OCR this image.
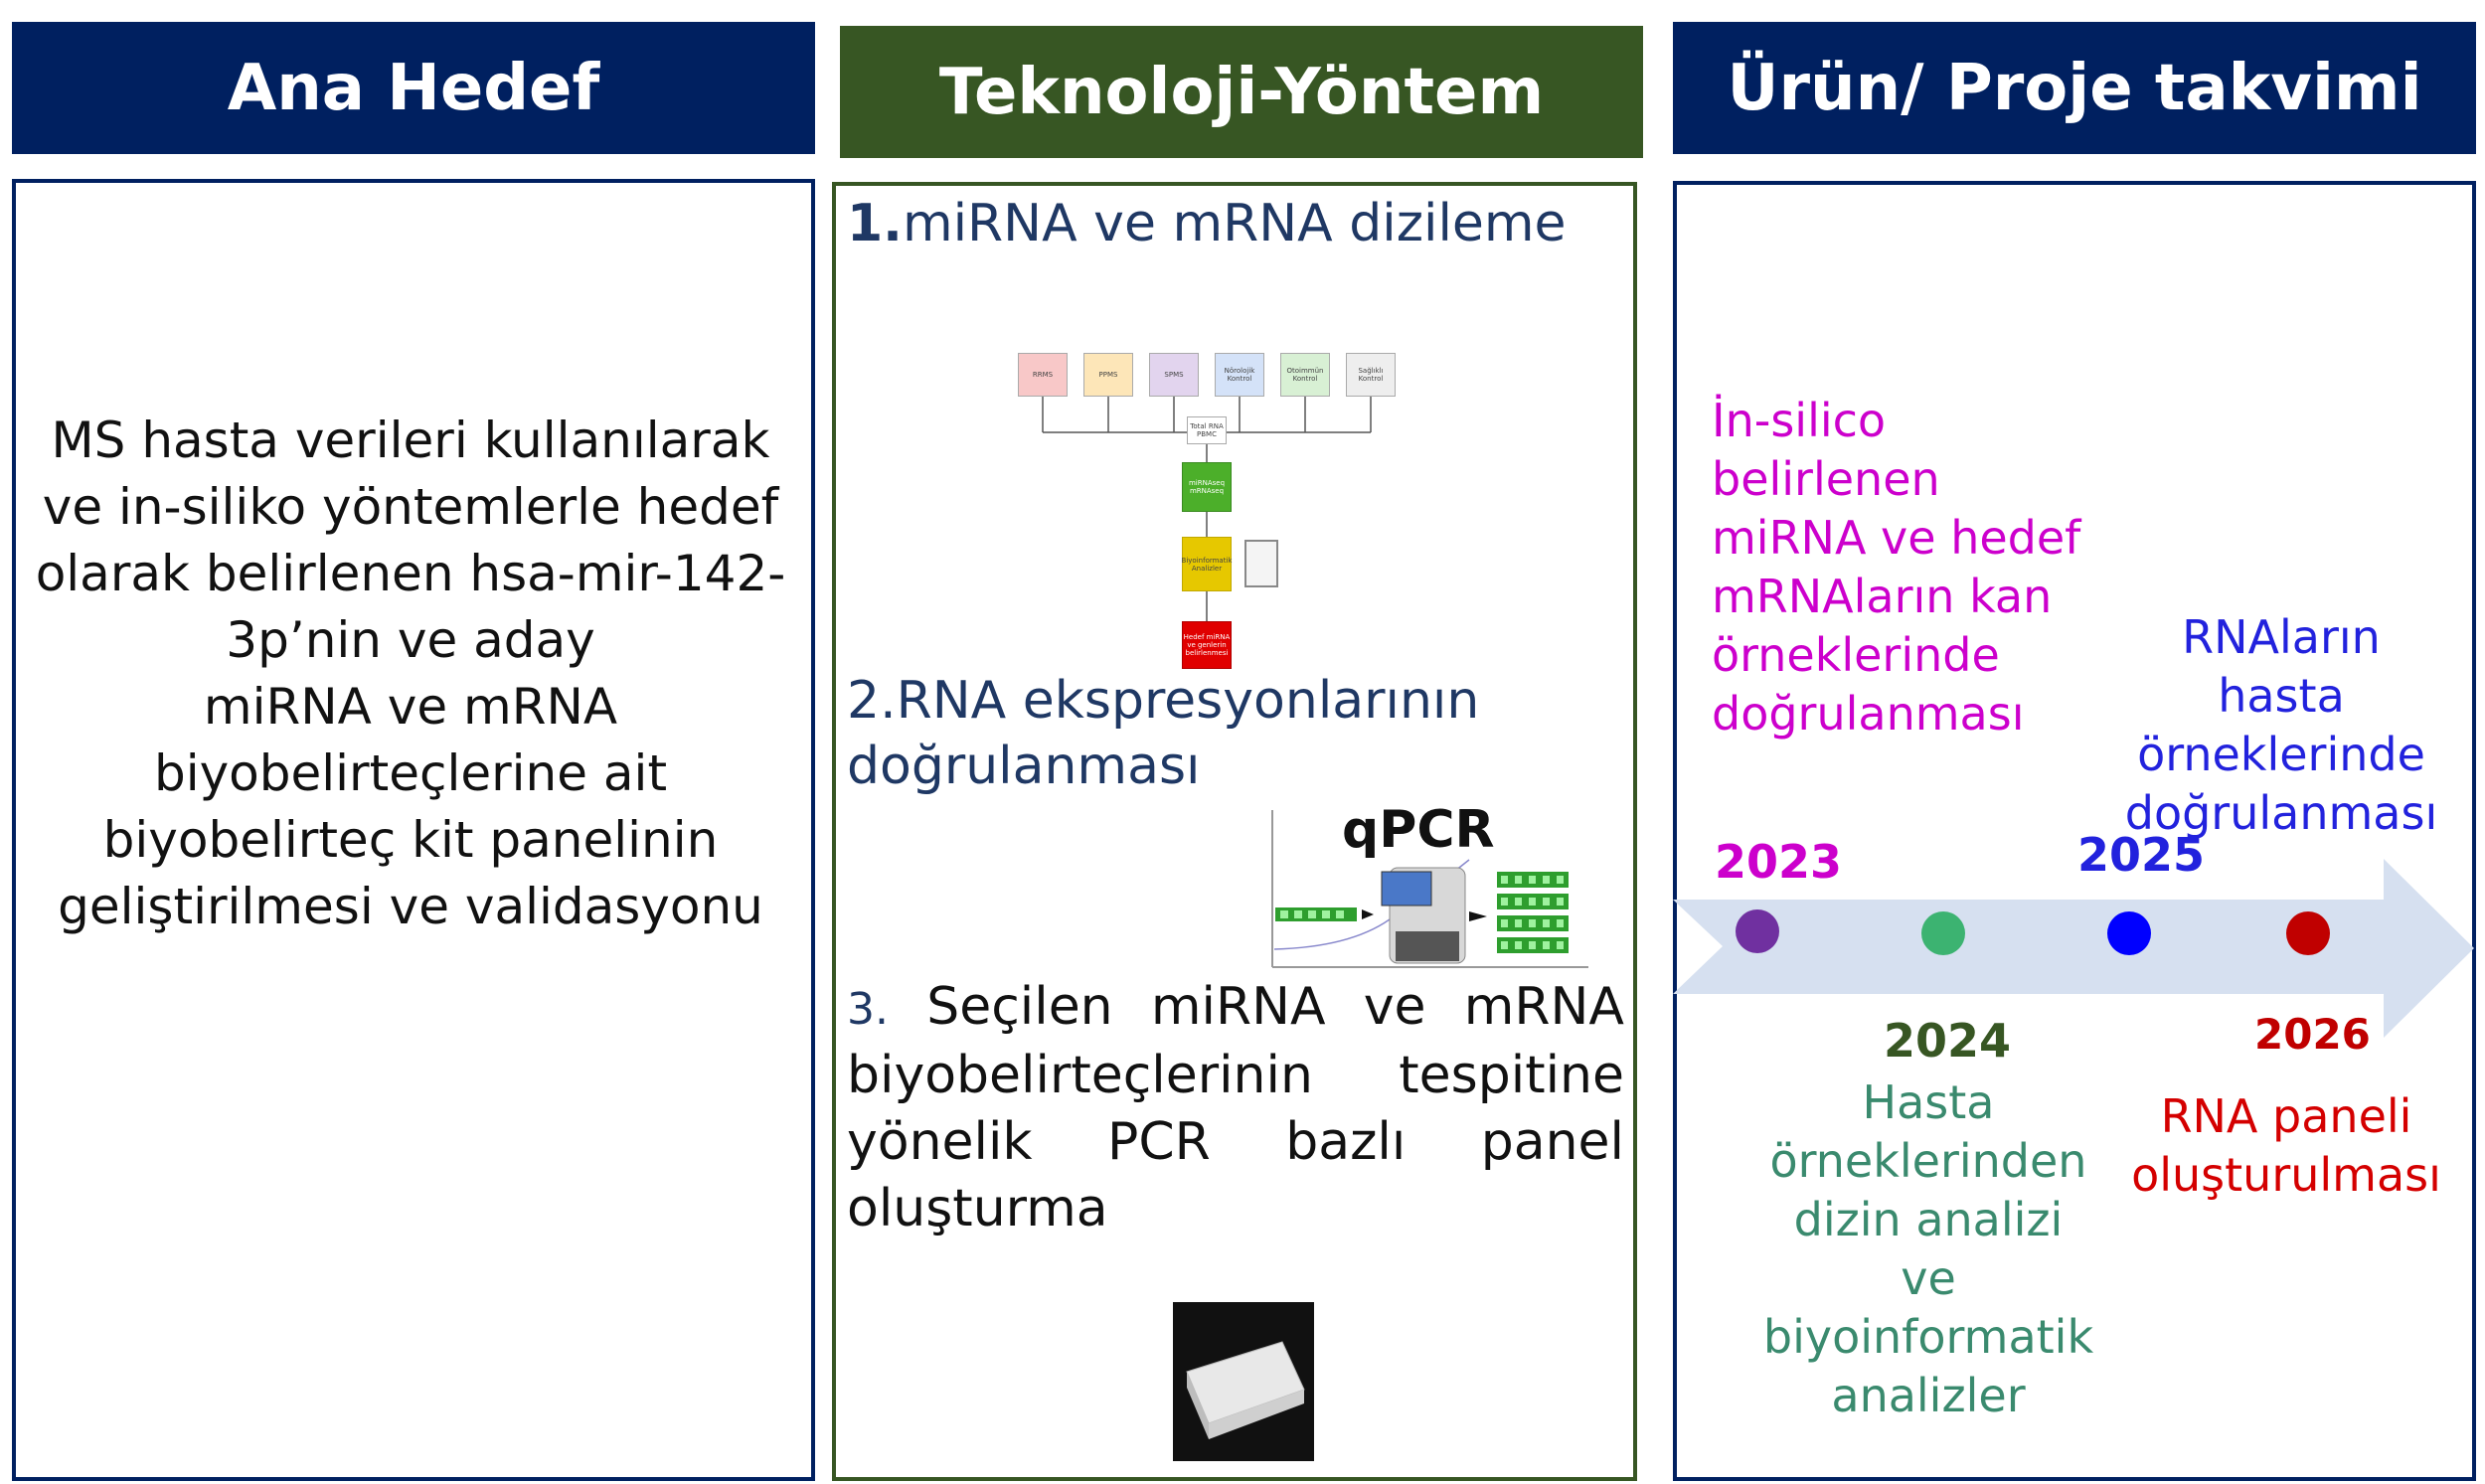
Ana Hedef	Teknoloji-Yöntem	Ürün/ Proje takvimi
MS hasta verileri kullanılarak
ve in-siliko yöntemlerle hedef
olarak belirlenen hsa-mir-142-
3p’nin ve aday
miRNA ve mRNA
biyobelirteçlerine ait
biyobelirteç kit panelinin
geliştirilmesi ve validasyonu
1.miRNA ve mRNA dizileme
RRMS	PPMS	SPMS	Nörolojik Kontrol
Otoimmün Kontrol
Sağlıklı Kontrol
Total RNA PBMC
miRNAseq mRNAseq
Biyoinformatik Analizler
Hedef miRNA ve genlerin belirlenmesi
2.RNA ekspresyonlarının
doğrulanması
qPCR
3. Seçilen miRNA ve mRNA
biyobelirteçlerinin tespitine
yönelik PCR bazlı panel
oluşturma
2023
2024
2025
2026
İn-silico
belirlenen
miRNA ve hedef
mRNAların kan
örneklerinde
doğrulanması
RNAların hasta
örneklerinde
doğrulanması
Hasta
örneklerinden
dizin analizi ve
biyoinformatik
analizler
RNA paneli
oluşturulması
